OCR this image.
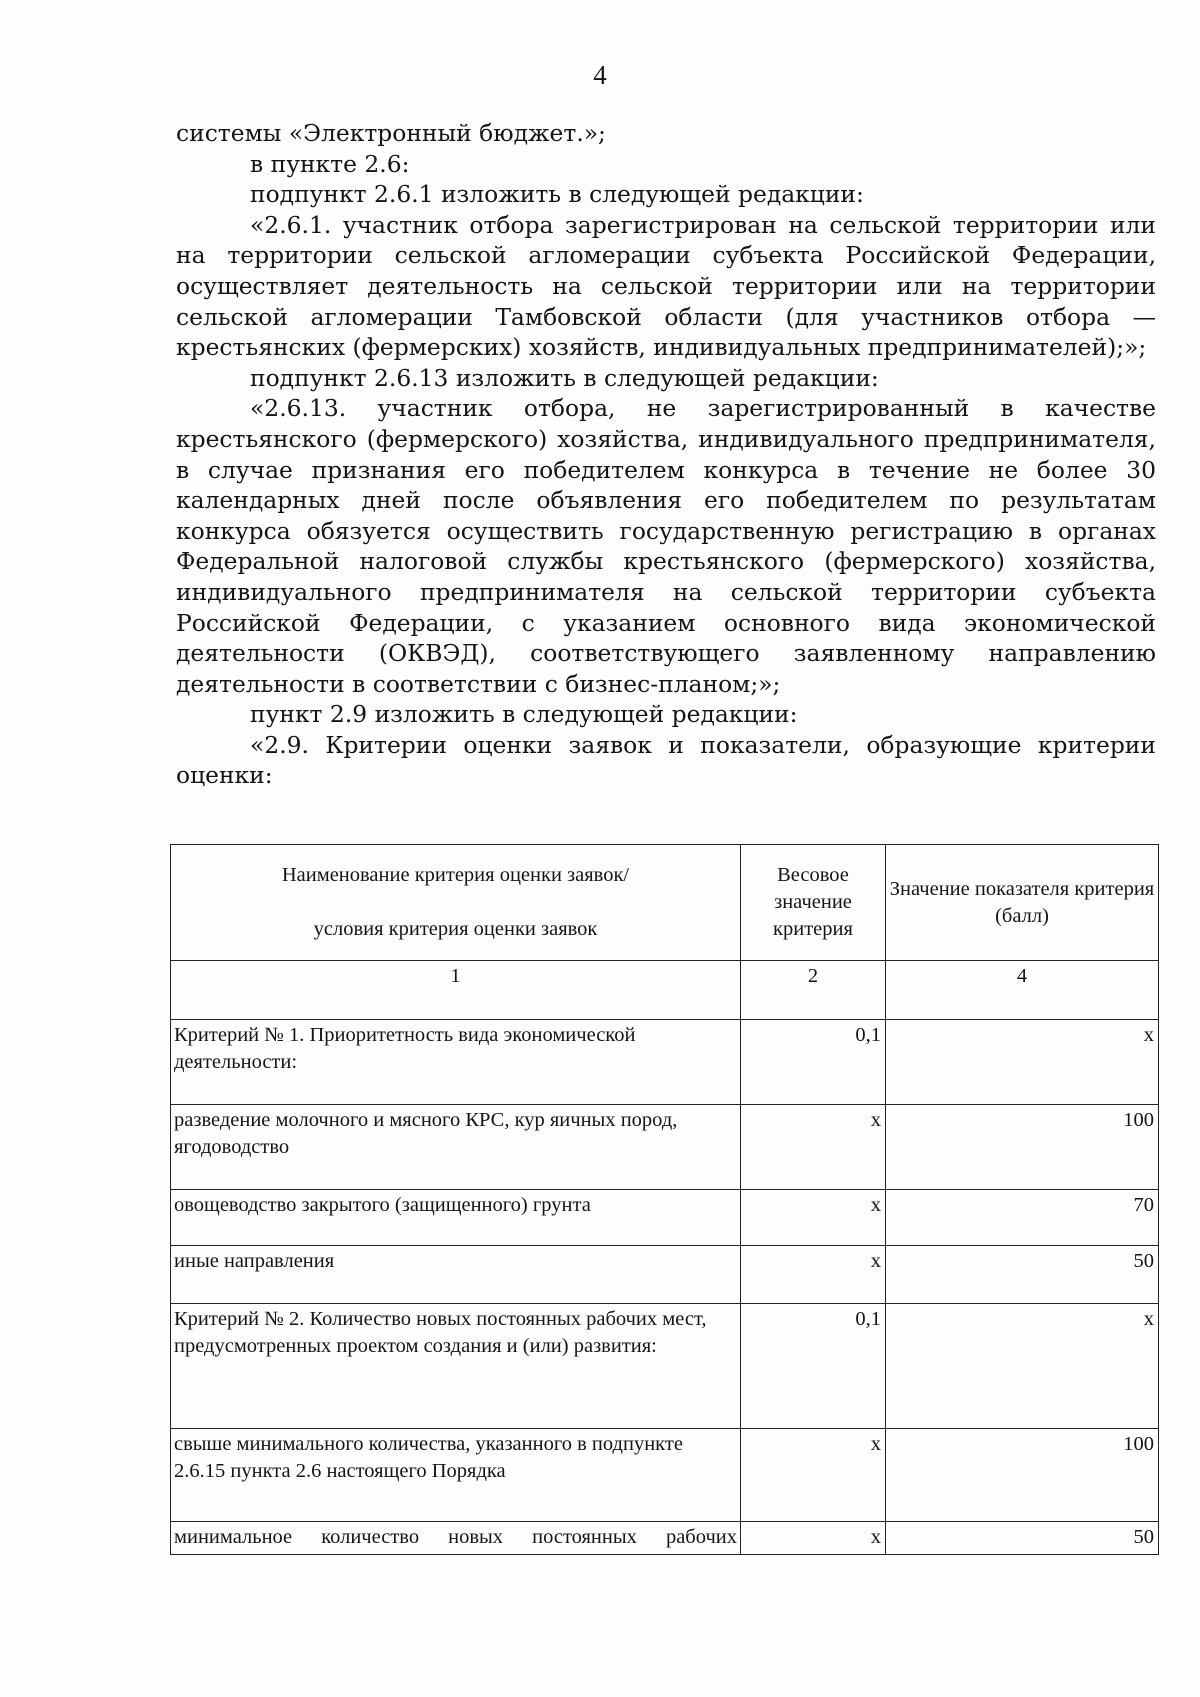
4

системы «Электронный бюджет.»;

в пункте 2.6:

подпункт 2.6.1 изложить в следующей редакции:

«2.6.1. участник отбора зарегистрирован на сельской территории или на территории сельской агломерации субъекта Российской Федерации, осуществляет деятельность на сельской территории или на территории сельской агломерации Тамбовской области (для участников отбора — крестьянских (фермерских) хозяйств, индивидуальных предпринимателей);»;

подпункт 2.6.13 изложить в следующей редакции:

«2.6.13. участник отбора, не зарегистрированный в качестве крестьянского (фермерского) хозяйства, индивидуального предпринимателя, в случае признания его победителем конкурса в течение не более 30 календарных дней после объявления его победителем по результатам конкурса обязуется осуществить государственную регистрацию в органах Федеральной налоговой службы крестьянского (фермерского) хозяйства, индивидуального предпринимателя на сельской территории субъекта Российской Федерации, с указанием основного вида экономической деятельности (ОКВЭД), соответствующего заявленному направлению деятельности в соответствии с бизнес-планом;»;

пункт 2.9 изложить в следующей редакции:

«2.9. Критерии оценки заявок и показатели, образующие критерии оценки:

Наименование критерия оценки заявок/
условия критерия оценки заявок	Весовое значение критерия	Значение показателя критерия (балл)
1	2	4
Критерий № 1. Приоритетность вида экономической деятельности:	0,1	х
разведение молочного и мясного КРС, кур яичных пород, ягодоводство	х	100
овощеводство закрытого (защищенного) грунта	х	70
иные направления	х	50
Критерий № 2. Количество новых постоянных рабочих мест, предусмотренных проектом создания и (или) развития:	0,1	х
свыше минимального количества, указанного в подпункте 2.6.15 пункта 2.6 настоящего Порядка	х	100
минимальное количество новых постоянных рабочих	х	50
